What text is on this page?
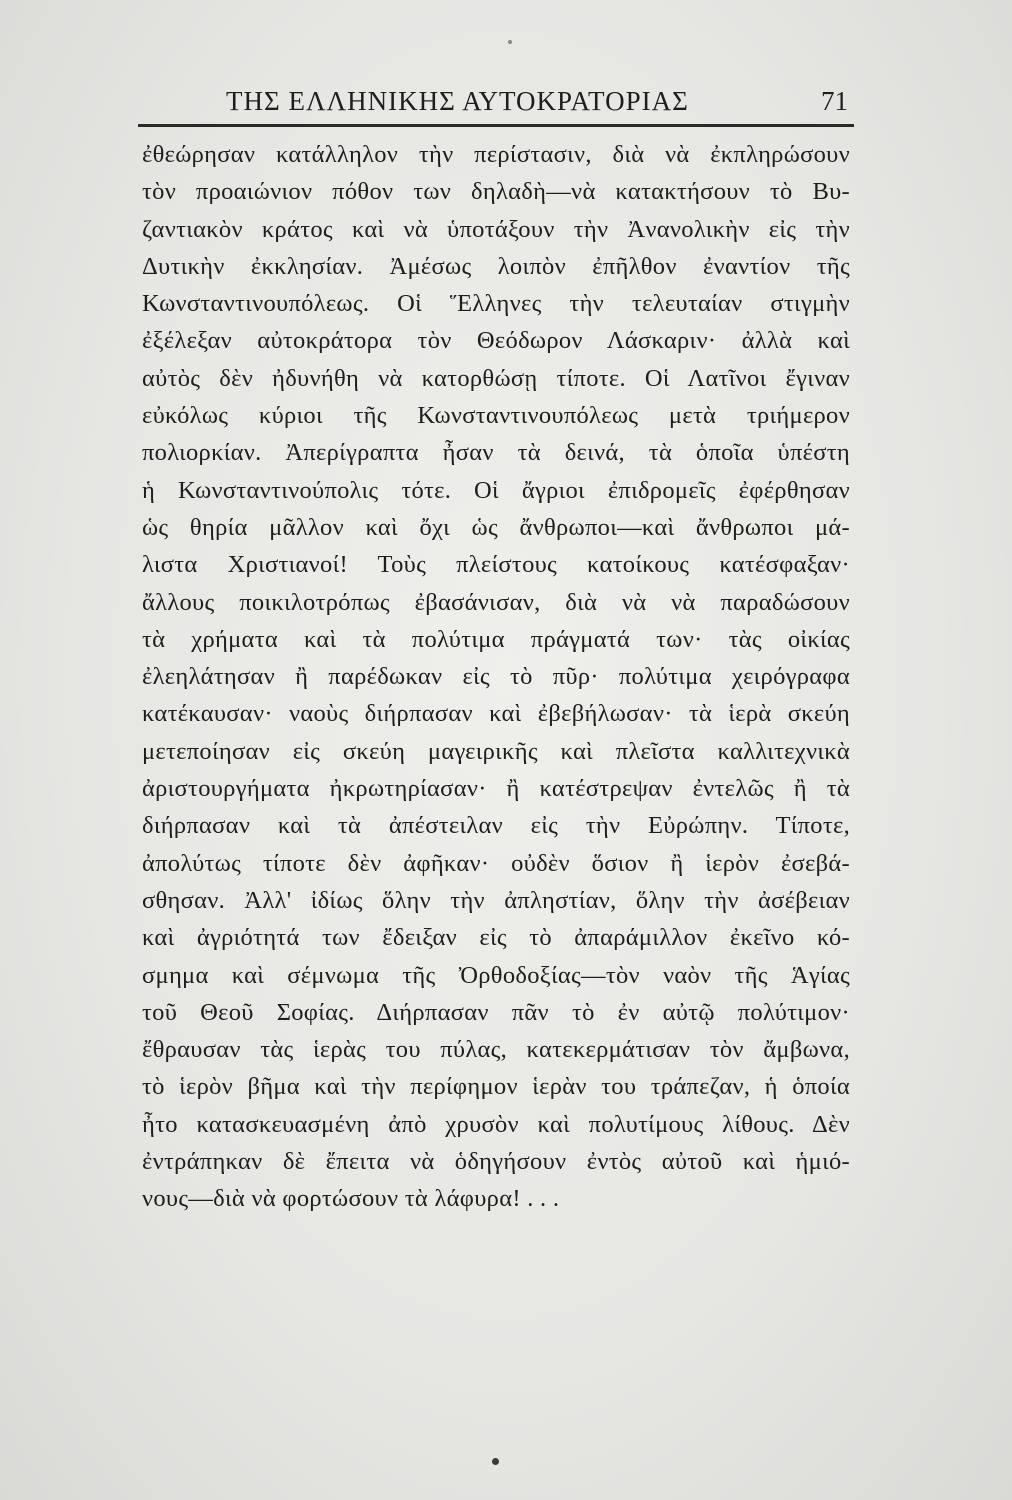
ΤΗΣ ΕΛΛΗΝΙΚΗΣ ΑΥΤΟΚΡΑΤΟΡΙΑΣ	71
ἐθεώρησαν κατάλληλον τὴν περίστασιν, διὰ νὰ ἐκπληρώσουν
τὸν προαιώνιον πόθον των δηλαδὴ—νὰ κατακτήσουν τὸ Βυ-
ζαντιακὸν κράτος καὶ νὰ ὑποτάξουν τὴν Ἀνανολικὴν εἰς τὴν
Δυτικὴν ἐκκλησίαν. Ἀμέσως λοιπὸν ἐπῆλθον ἐναντίον τῆς
Κωνσταντινουπόλεως. Οἱ Ἕλληνες τὴν τελευταίαν στιγμὴν
ἐξέλεξαν αὐτοκράτορα τὸν Θεόδωρον Λάσκαριν· ἀλλὰ καὶ
αὐτὸς δὲν ἠδυνήθη νὰ κατορθώσῃ τίποτε. Οἱ Λατῖνοι ἔγιναν
εὐκόλως κύριοι τῆς Κωνσταντινουπόλεως μετὰ τριήμερον
πολιορκίαν. Ἀπερίγραπτα ἦσαν τὰ δεινά, τὰ ὁποῖα ὑπέστη
ἡ Κωνσταντινούπολις τότε. Οἱ ἄγριοι ἐπιδρομεῖς ἐφέρθησαν
ὡς θηρία μᾶλλον καὶ ὄχι ὡς ἄνθρωποι—καὶ ἄνθρωποι μά-
λιστα Χριστιανοί! Τοὺς πλείστους κατοίκους κατέσφαξαν·
ἄλλους ποικιλοτρόπως ἐβασάνισαν, διὰ νὰ νὰ παραδώσουν
τὰ χρήματα καὶ τὰ πολύτιμα πράγματά των· τὰς οἰκίας
ἐλεηλάτησαν ἢ παρέδωκαν εἰς τὸ πῦρ· πολύτιμα χειρόγραφα
κατέκαυσαν· ναοὺς διήρπασαν καὶ ἐβεβήλωσαν· τὰ ἱερὰ σκεύη
μετεποίησαν εἰς σκεύη μαγειρικῆς καὶ πλεῖστα καλλιτεχνικὰ
ἀριστουργήματα ἠκρωτηρίασαν· ἢ κατέστρεψαν ἐντελῶς ἢ τὰ
διήρπασαν καὶ τὰ ἀπέστειλαν εἰς τὴν Εὐρώπην. Τίποτε,
ἀπολύτως τίποτε δὲν ἀφῆκαν· οὐδὲν ὅσιον ἢ ἱερὸν ἐσεβά-
σθησαν. Ἀλλ' ἰδίως ὅλην τὴν ἀπληστίαν, ὅλην τὴν ἀσέβειαν
καὶ ἀγριότητά των ἔδειξαν εἰς τὸ ἀπαράμιλλον ἐκεῖνο κό-
σμημα καὶ σέμνωμα τῆς Ὀρθοδοξίας—τὸν ναὸν τῆς Ἁγίας
τοῦ Θεοῦ Σοφίας. Διήρπασαν πᾶν τὸ ἐν αὐτῷ πολύτιμον·
ἔθραυσαν τὰς ἱερὰς του πύλας, κατεκερμάτισαν τὸν ἄμβωνα,
τὸ ἱερὸν βῆμα καὶ τὴν περίφημον ἱερὰν του τράπεζαν, ἡ ὁποία
ἦτο κατασκευασμένη ἀπὸ χρυσὸν καὶ πολυτίμους λίθους. Δὲν
ἐντράπηκαν δὲ ἔπειτα νὰ ὁδηγήσουν ἐντὸς αὐτοῦ καὶ ἡμιό-
νους—διὰ νὰ φορτώσουν τὰ λάφυρα! . . .
